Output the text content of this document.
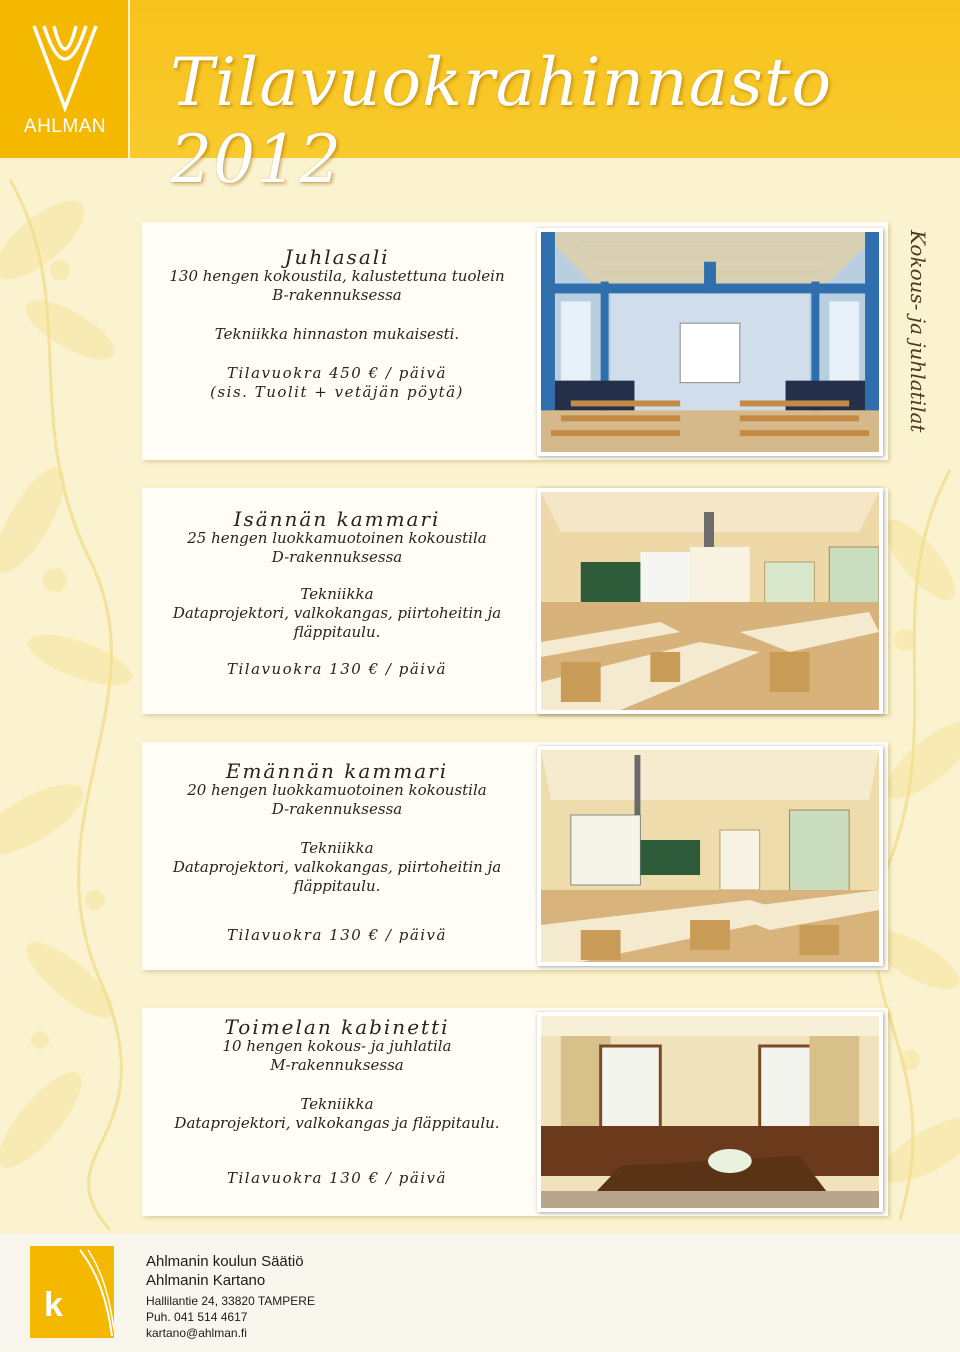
AHLMAN
Tilavuokrahinnasto 2012
Kokous- ja juhlatilat
Juhlasali
130 hengen kokoustila, kalustettuna tuolein
B-rakennuksessa
Tekniikka hinnaston mukaisesti.
Tilavuokra 450 € / päivä
(sis. Tuolit + vetäjän pöytä)
Isännän kammari
25 hengen luokkamuotoinen kokoustila
D-rakennuksessa
Tekniikka
Dataprojektori, valkokangas, piirtoheitin ja
fläppitaulu.
Tilavuokra 130 € / päivä
Emännän kammari
20 hengen luokkamuotoinen kokoustila
D-rakennuksessa
Tekniikka
Dataprojektori, valkokangas, piirtoheitin ja
fläppitaulu.
Tilavuokra 130 € / päivä
Toimelan kabinetti
10 hengen kokous- ja juhlatila
M-rakennuksessa
Tekniikka
Dataprojektori, valkokangas ja fläppitaulu.
Tilavuokra 130 € / päivä
k
Ahlmanin koulun Säätiö
Ahlmanin Kartano
Hallilantie 24, 33820 TAMPERE
Puh. 041 514 4617
kartano@ahlman.fi
